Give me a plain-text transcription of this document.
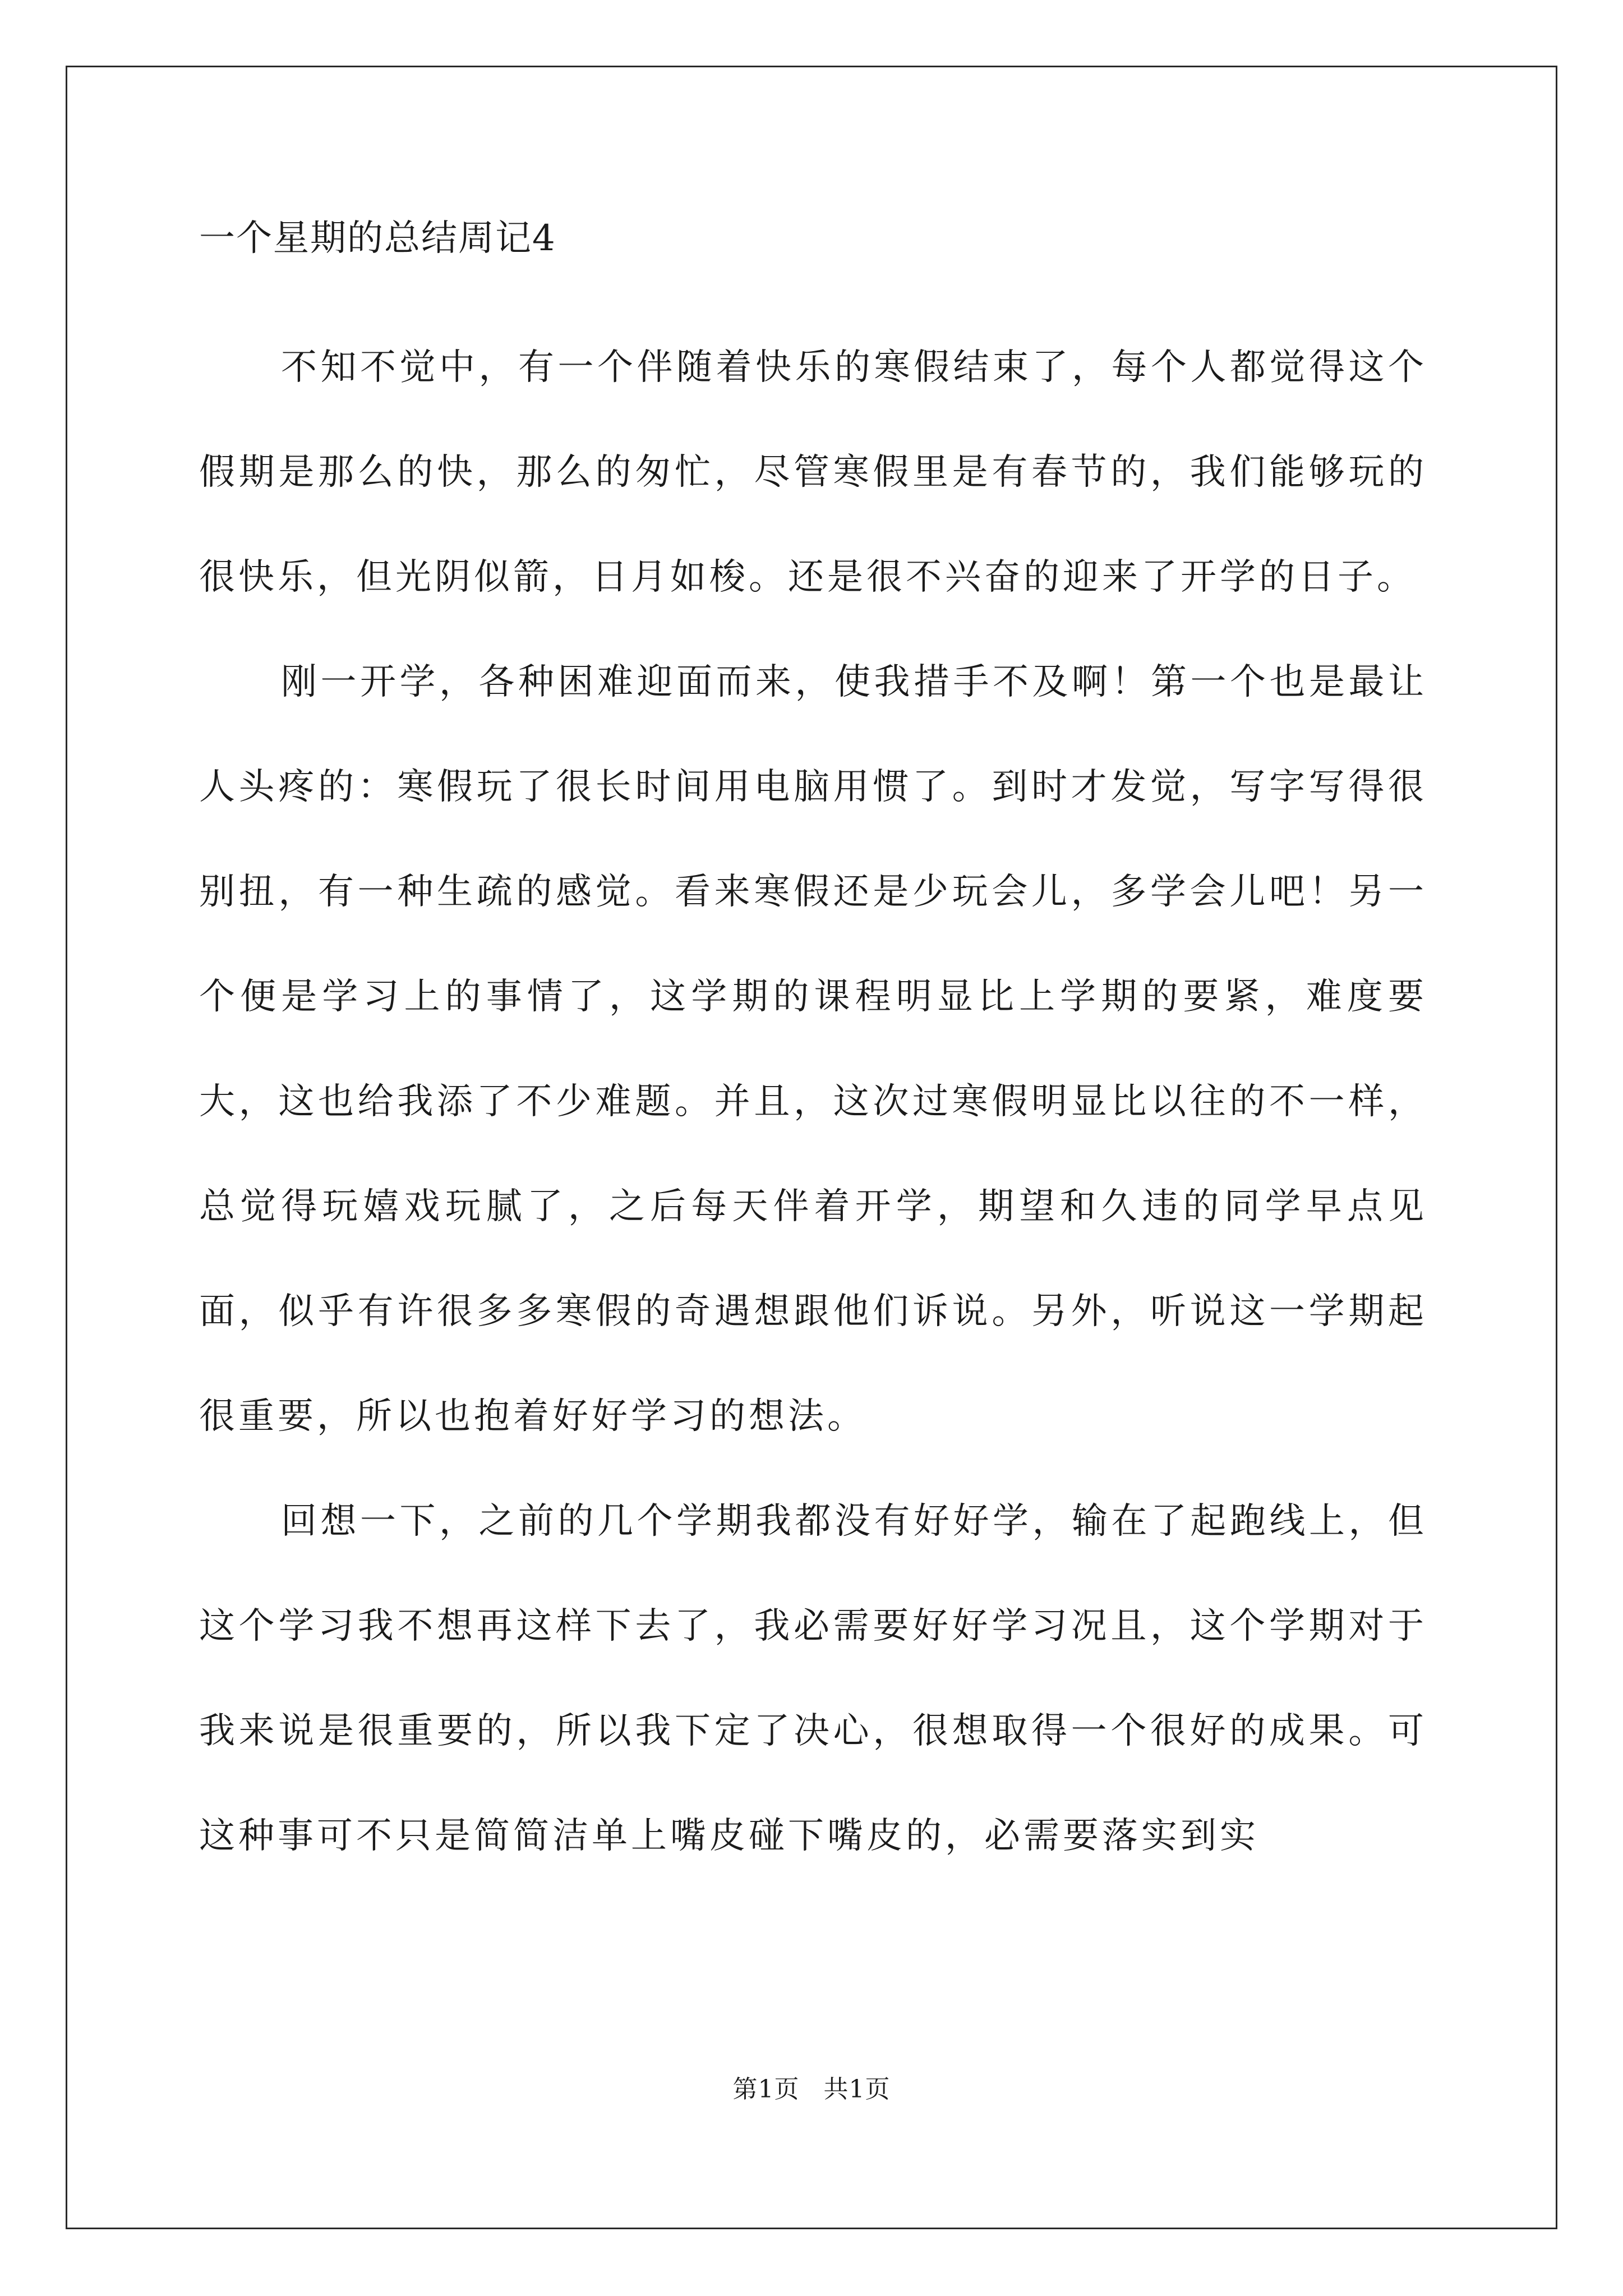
一个星期的总结周记4

不知不觉中，有一个伴随着快乐的寒假结束了，每个人都觉得这个假期是那么的快，那么的匆忙，尽管寒假里是有春节的，我们能够玩的很快乐，但光阴似箭，日月如梭。还是很不兴奋的迎来了开学的日子。

刚一开学，各种困难迎面而来，使我措手不及啊！第一个也是最让人头疼的：寒假玩了很长时间用电脑用惯了。到时才发觉，写字写得很别扭，有一种生疏的感觉。看来寒假还是少玩会儿，多学会儿吧！另一个便是学习上的事情了，这学期的课程明显比上学期的要紧，难度要大，这也给我添了不少难题。并且，这次过寒假明显比以往的不一样，总觉得玩嬉戏玩腻了，之后每天伴着开学，期望和久违的同学早点见面，似乎有许很多多寒假的奇遇想跟他们诉说。另外，听说这一学期起很重要，所以也抱着好好学习的想法。

回想一下，之前的几个学期我都没有好好学，输在了起跑线上，但这个学习我不想再这样下去了，我必需要好好学习况且，这个学期对于我来说是很重要的，所以我下定了决心，很想取得一个很好的成果。可这种事可不只是简简洁单上嘴皮碰下嘴皮的，必需要落实到实

第1页 共1页
